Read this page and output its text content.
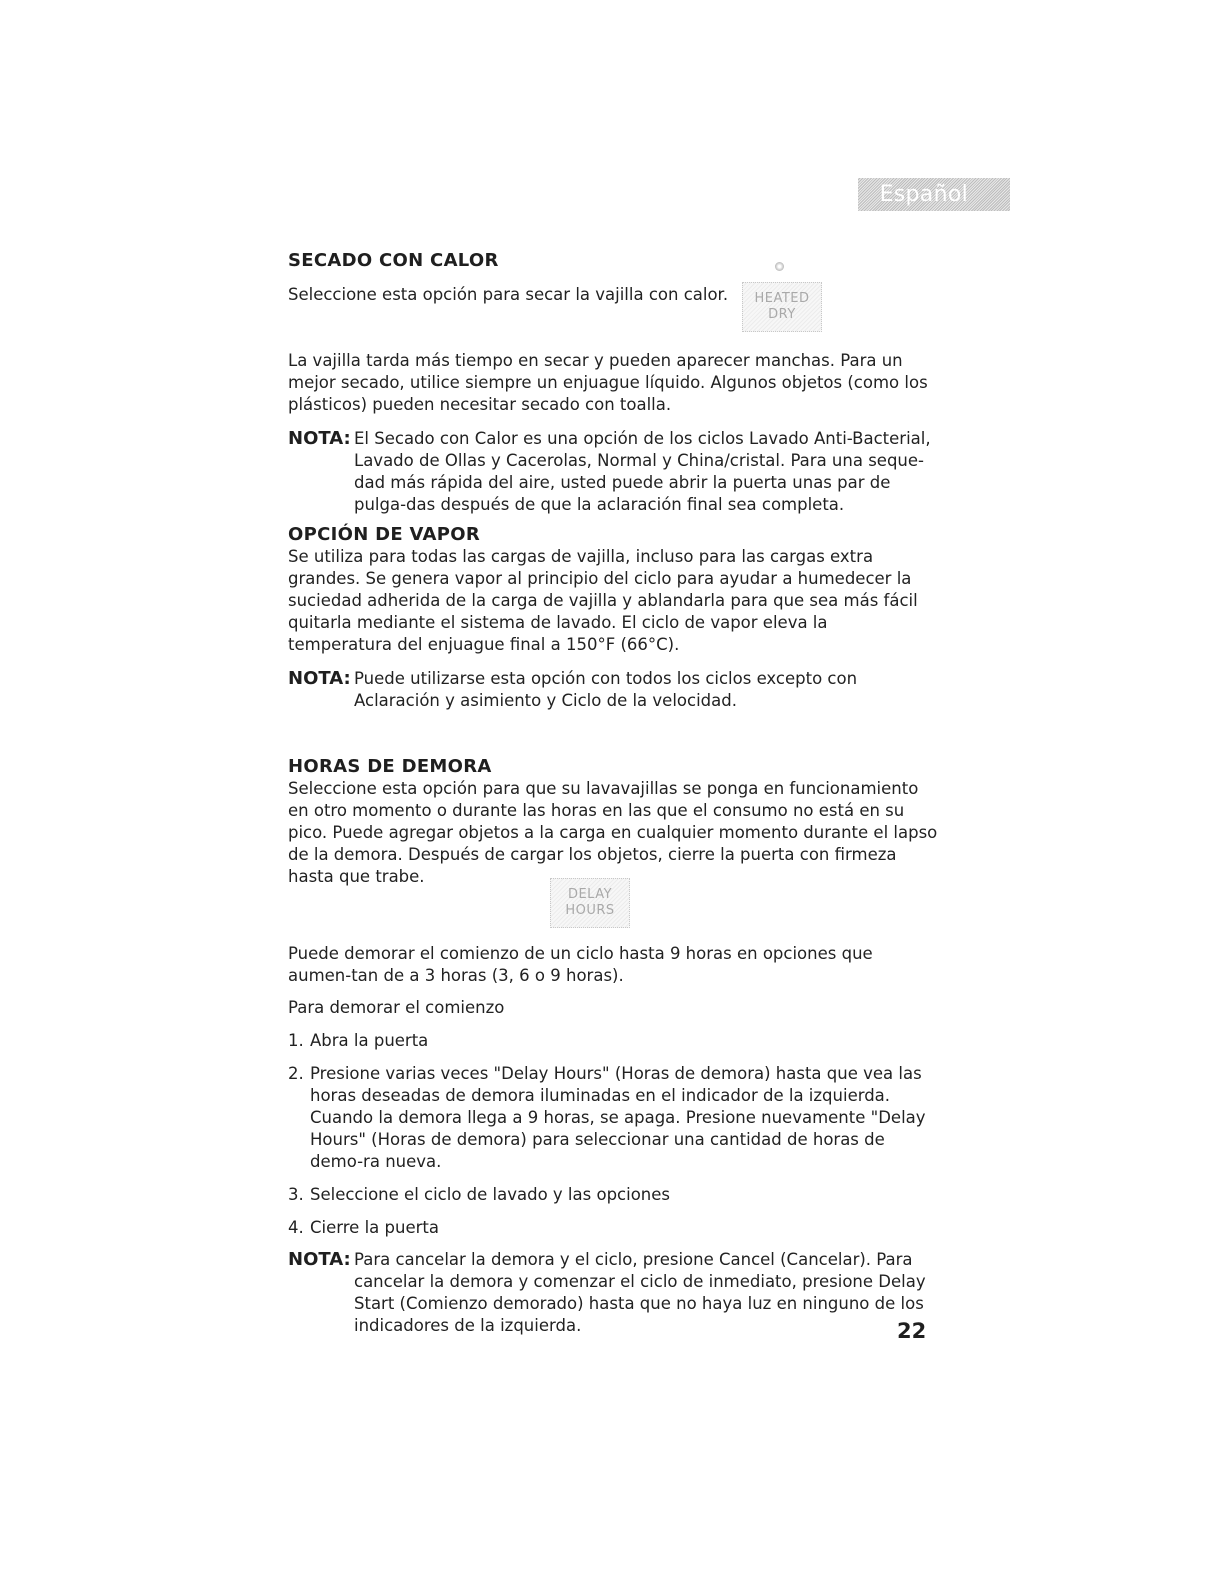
Español
SECADO CON CALOR

Seleccione esta opción para secar la vajilla con calor.	HEATED
DRY

La vajilla tarda más tiempo en secar y pueden aparecer manchas. Para un mejor secado, utilice siempre un enjuague líquido. Algunos objetos (como los plásticos) pueden necesitar secado con toalla.

NOTA: El Secado con Calor es una opción de los ciclos Lavado Anti-Bacterial, Lavado de Ollas y Cacerolas, Normal y China/cristal. Para una seque-dad más rápida del aire, usted puede abrir la puerta unas par de pulga-das después de que la aclaración final sea completa.
OPCIÓN DE VAPOR

Se utiliza para todas las cargas de vajilla, incluso para las cargas extra grandes. Se genera vapor al principio del ciclo para ayudar a humedecer la suciedad adherida de la carga de vajilla y ablandarla para que sea más fácil quitarla mediante el sistema de lavado. El ciclo de vapor eleva la temperatura del enjuague final a 150°F (66°C).

NOTA: Puede utilizarse esta opción con todos los ciclos excepto con Aclaración y asimiento y Ciclo de la velocidad.
HORAS DE DEMORA

Seleccione esta opción para que su lavavajillas se ponga en funcionamiento en otro momento o durante las horas en las que el consumo no está en su pico. Puede agregar objetos a la carga en cualquier momento durante el lapso de la demora. Después de cargar los objetos, cierre la puerta con firmeza hasta que trabe.

DELAY
HOURS

Puede demorar el comienzo de un ciclo hasta 9 horas en opciones que aumen-tan de a 3 horas (3, 6 o 9 horas).

Para demorar el comienzo

1. Abra la puerta
2. Presione varias veces "Delay Hours" (Horas de demora) hasta que vea las horas deseadas de demora iluminadas en el indicador de la izquierda. Cuando la demora llega a 9 horas, se apaga. Presione nuevamente "Delay Hours" (Horas de demora) para seleccionar una cantidad de horas de demo-ra nueva.
3. Seleccione el ciclo de lavado y las opciones
4. Cierre la puerta
NOTA: Para cancelar la demora y el ciclo, presione Cancel (Cancelar). Para cancelar la demora y comenzar el ciclo de inmediato, presione Delay Start (Comienzo demorado) hasta que no haya luz en ninguno de los indicadores de la izquierda.	22
